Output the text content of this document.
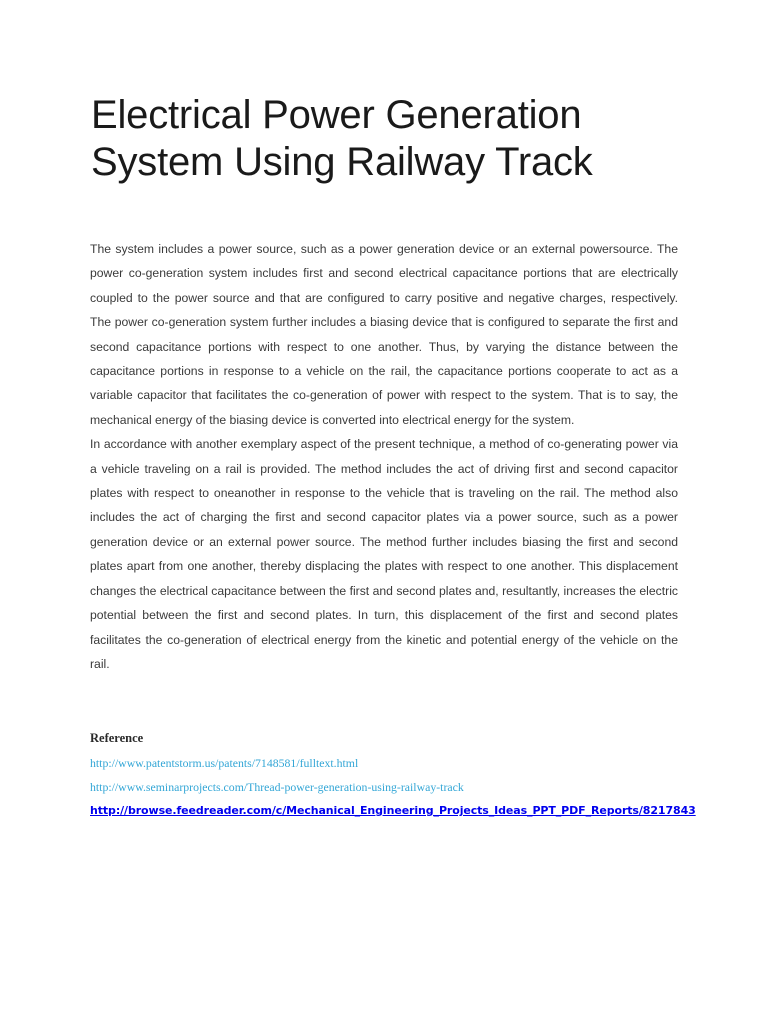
Electrical Power Generation System Using Railway Track

The system includes a power source, such as a power generation device or an external powersource. The power co-generation system includes first and second electrical capacitance portions that are electrically coupled to the power source and that are configured to carry positive and negative charges, respectively. The power co-generation system further includes a biasing device that is configured to separate the first and second capacitance portions with respect to one another. Thus, by varying the distance between the capacitance portions in response to a vehicle on the rail, the capacitance portions cooperate to act as a variable capacitor that facilitates the co-generation of power with respect to the system. That is to say, the mechanical energy of the biasing device is converted into electrical energy for the system.

In accordance with another exemplary aspect of the present technique, a method of co-generating power via a vehicle traveling on a rail is provided. The method includes the act of driving first and second capacitor plates with respect to oneanother in response to the vehicle that is traveling on the rail. The method also includes the act of charging the first and second capacitor plates via a power source, such as a power generation device or an external power source. The method further includes biasing the first and second plates apart from one another, thereby displacing the plates with respect to one another. This displacement changes the electrical capacitance between the first and second plates and, resultantly, increases the electric potential between the first and second plates. In turn, this displacement of the first and second plates facilitates the co-generation of electrical energy from the kinetic and potential energy of the vehicle on the rail.

Reference
http://www.patentstorm.us/patents/7148581/fulltext.html
http://www.seminarprojects.com/Thread-power-generation-using-railway-track
http://browse.feedreader.com/c/Mechanical_Engineering_Projects_Ideas_PPT_PDF_Reports/8217843
